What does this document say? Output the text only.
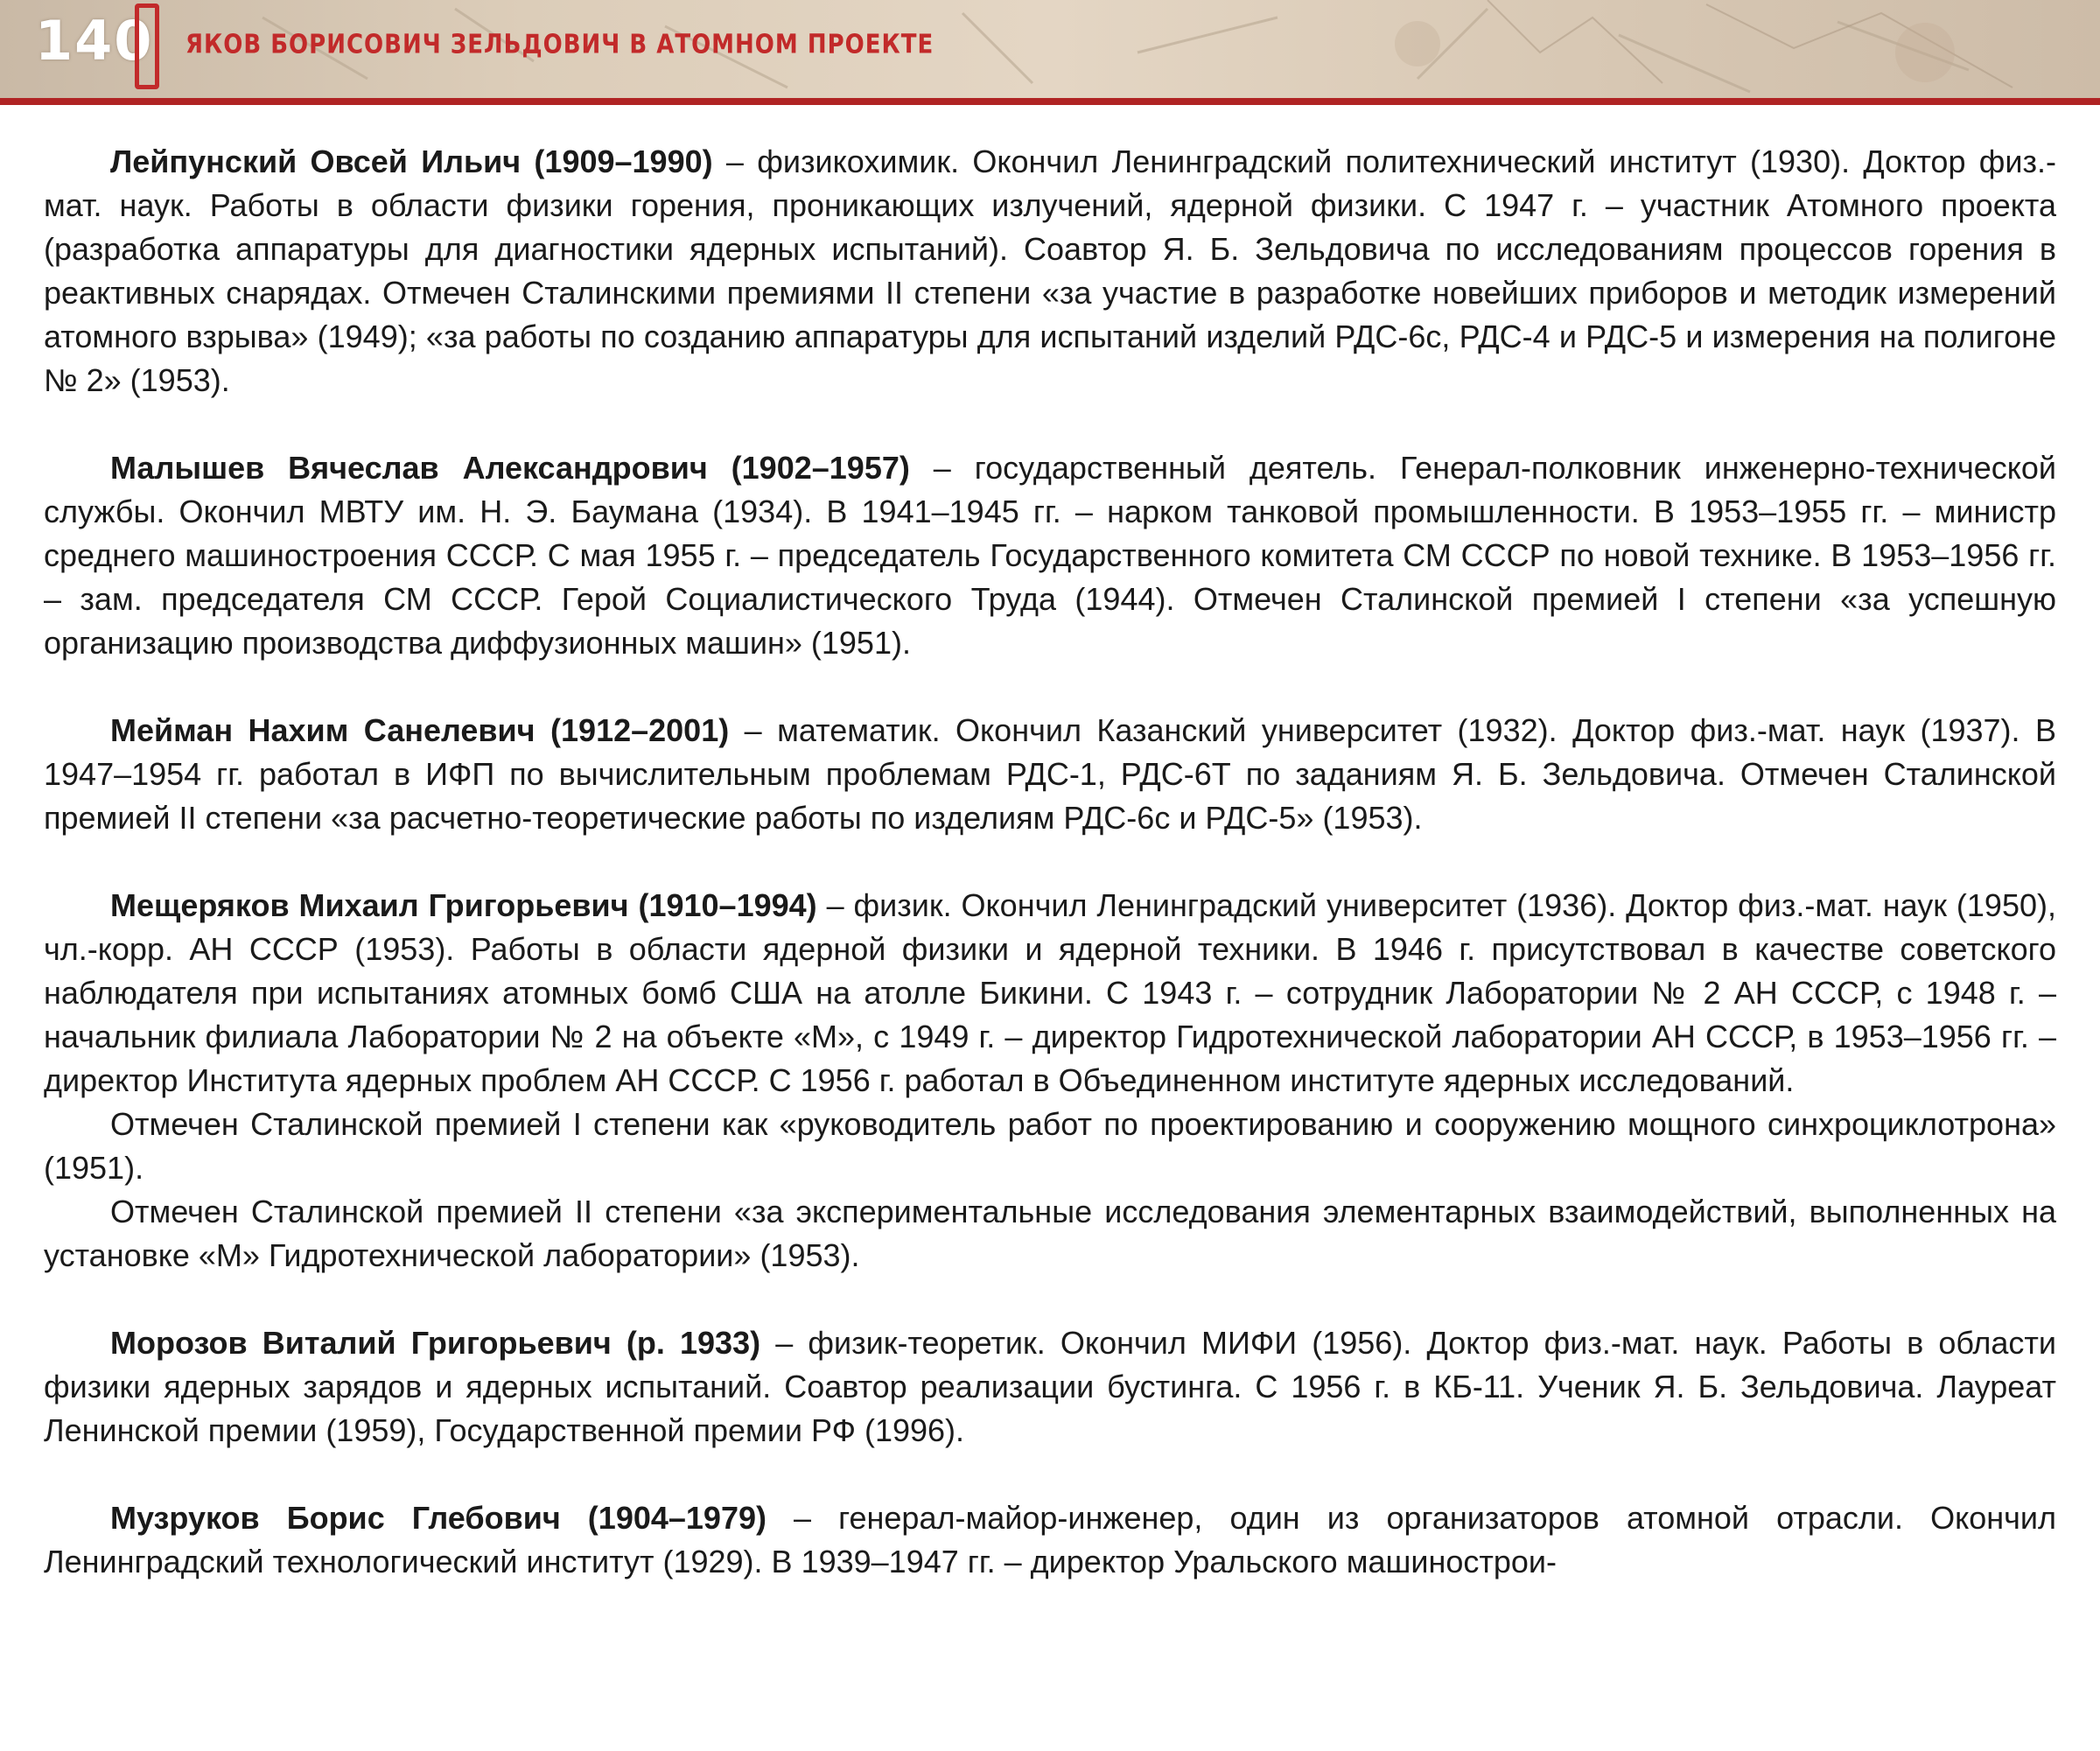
140 ЯКОВ БОРИСОВИЧ ЗЕЛЬДОВИЧ В АТОМНОМ ПРОЕКТЕ

Лейпунский Овсей Ильич (1909–1990) – физикохимик. Окончил Ленинградский политехнический институт (1930). Доктор физ.-мат. наук. Работы в области физики горения, проникающих излучений, ядерной физики. С 1947 г. – участник Атомного проекта (разработка аппаратуры для диагностики ядерных испытаний). Соавтор Я. Б. Зельдовича по исследованиям процессов горения в реактивных снарядах. Отмечен Сталинскими премиями II степени «за участие в разработке новейших приборов и методик измерений атомного взрыва» (1949); «за работы по созданию аппаратуры для испытаний изделий РДС-6с, РДС-4 и РДС-5 и измерения на полигоне № 2» (1953).

Малышев Вячеслав Александрович (1902–1957) – государственный деятель. Генерал-полковник инженерно-технической службы. Окончил МВТУ им. Н. Э. Баумана (1934). В 1941–1945 гг. – нарком танковой промышленности. В 1953–1955 гг. – министр среднего машиностроения СССР. С мая 1955 г. – председатель Государственного комитета СМ СССР по новой технике. В 1953–1956 гг. – зам. председателя СМ СССР. Герой Социалистического Труда (1944). Отмечен Сталинской премией I степени «за успешную организацию производства диффузионных машин» (1951).

Мейман Нахим Санелевич (1912–2001) – математик. Окончил Казанский университет (1932). Доктор физ.-мат. наук (1937). В 1947–1954 гг. работал в ИФП по вычислительным проблемам РДС-1, РДС-6Т по заданиям Я. Б. Зельдовича. Отмечен Сталинской премией II степени «за расчетно-теоретические работы по изделиям РДС-6с и РДС-5» (1953).

Мещеряков Михаил Григорьевич (1910–1994) – физик. Окончил Ленинградский университет (1936). Доктор физ.-мат. наук (1950), чл.-корр. АН СССР (1953). Работы в области ядерной физики и ядерной техники. В 1946 г. присутствовал в качестве советского наблюдателя при испытаниях атомных бомб США на атолле Бикини. С 1943 г. – сотрудник Лаборатории № 2 АН СССР, с 1948 г. – начальник филиала Лаборатории № 2 на объекте «М», с 1949 г. – директор Гидротехнической лаборатории АН СССР, в 1953–1956 гг. – директор Института ядерных проблем АН СССР. С 1956 г. работал в Объединенном институте ядерных исследований.

Отмечен Сталинской премией I степени как «руководитель работ по проектированию и сооружению мощного синхроциклотрона» (1951).

Отмечен Сталинской премией II степени «за экспериментальные исследования элементарных взаимодействий, выполненных на установке «М» Гидротехнической лаборатории» (1953).

Морозов Виталий Григорьевич (р. 1933) – физик-теоретик. Окончил МИФИ (1956). Доктор физ.-мат. наук. Работы в области физики ядерных зарядов и ядерных испытаний. Соавтор реализации бустинга. С 1956 г. в КБ-11. Ученик Я. Б. Зельдовича. Лауреат Ленинской премии (1959), Государственной премии РФ (1996).

Музруков Борис Глебович (1904–1979) – генерал-майор-инженер, один из организаторов атомной отрасли. Окончил Ленинградский технологический институт (1929). В 1939–1947 гг. – директор Уральского машинострои-
